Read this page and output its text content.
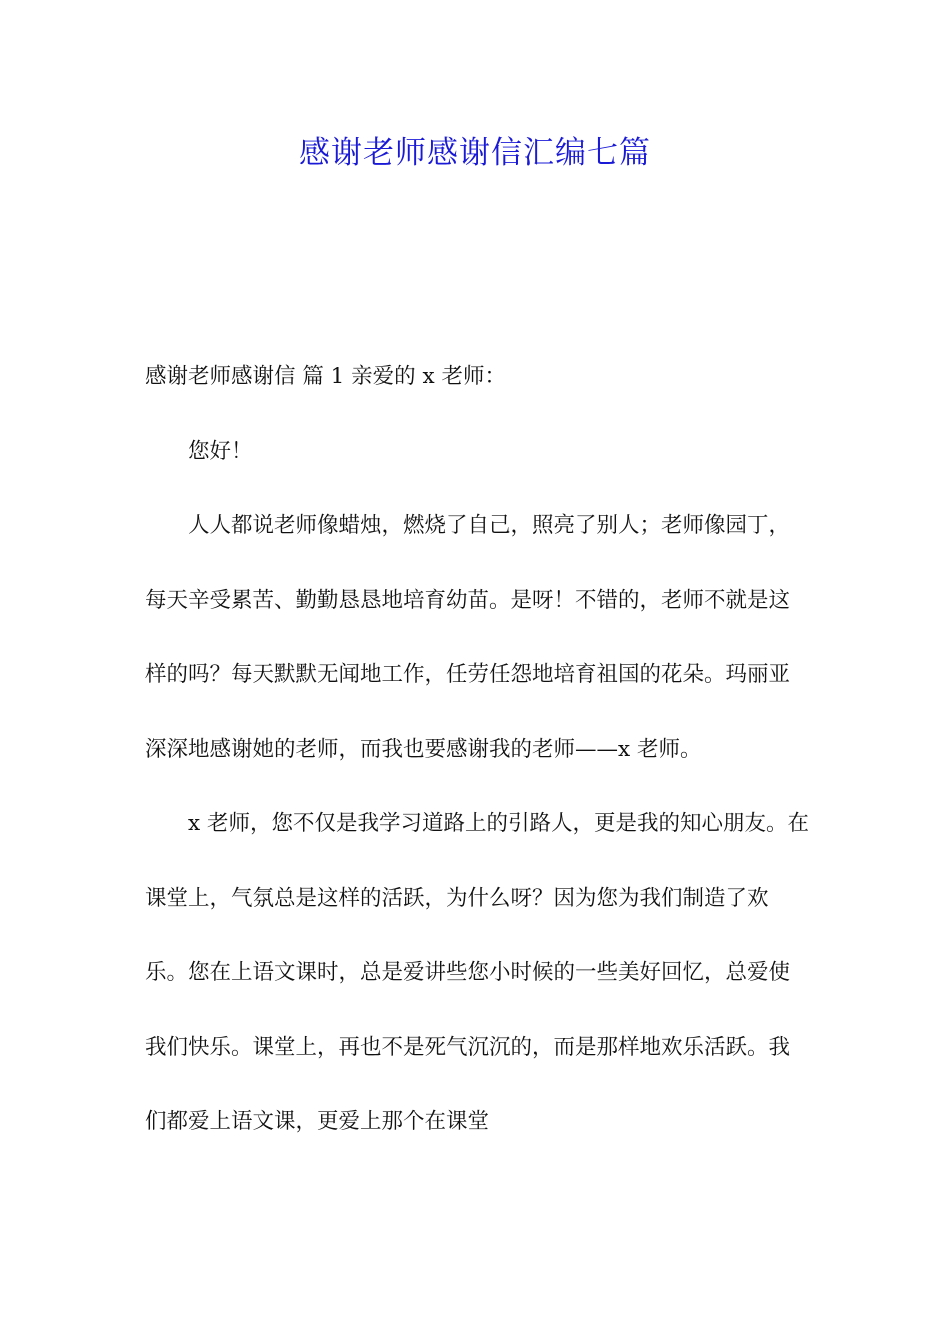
感谢老师感谢信汇编七篇

感谢老师感谢信 篇 1 亲爱的 x 老师：

您好！

人人都说老师像蜡烛，燃烧了自己，照亮了别人；老师像园丁，每天辛受累苦、勤勤恳恳地培育幼苗。是呀！不错的，老师不就是这样的吗？每天默默无闻地工作，任劳任怨地培育祖国的花朵。玛丽亚深深地感谢她的老师，而我也要感谢我的老师——x 老师。

x 老师，您不仅是我学习道路上的引路人，更是我的知心朋友。在课堂上，气氛总是这样的活跃，为什么呀？因为您为我们制造了欢乐。您在上语文课时，总是爱讲些您小时候的一些美好回忆，总爱使我们快乐。课堂上，再也不是死气沉沉的，而是那样地欢乐活跃。我们都爱上语文课，更爱上那个在课堂
